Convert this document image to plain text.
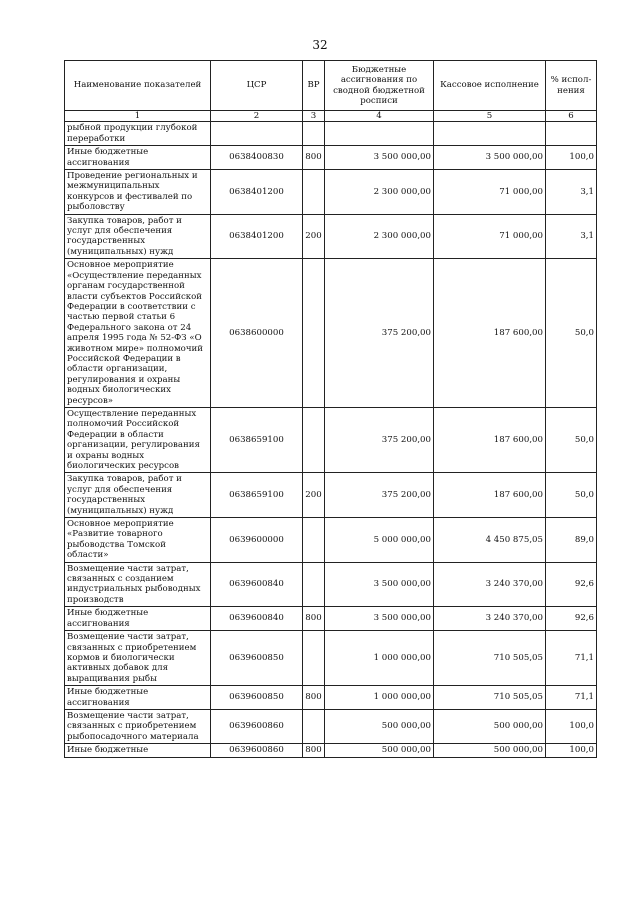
32
Наименование показателей	ЦСР	ВР	Бюджетные ассигнования по сводной бюджетной росписи	Кассовое исполнение	% испол-нения
1	2	3	4	5	6
рыбной продукции глубокой переработки					
Иные бюджетные ассигнования	0638400830	800	3 500 000,00	3 500 000,00	100,0
Проведение региональных и межмуниципальных конкурсов и фестивалей по рыболовству	0638401200		2 300 000,00	71 000,00	3,1
Закупка товаров, работ и услуг для обеспечения государственных (муниципальных) нужд	0638401200	200	2 300 000,00	71 000,00	3,1
Основное мероприятие «Осуществление переданных органам государственной власти субъектов Российской Федерации в соответствии с частью первой статьи 6 Федерального закона от 24 апреля 1995 года № 52-ФЗ «О животном мире» полномочий Российской Федерации в области организации, регулирования и охраны водных биологических ресурсов»	0638600000		375 200,00	187 600,00	50,0
Осуществление переданных полномочий Российской Федерации в области организации, регулирования и охраны водных биологических ресурсов	0638659100		375 200,00	187 600,00	50,0
Закупка товаров, работ и услуг для обеспечения государственных (муниципальных) нужд	0638659100	200	375 200,00	187 600,00	50,0
Основное мероприятие «Развитие товарного рыбоводства Томской области»	0639600000		5 000 000,00	4 450 875,05	89,0
Возмещение части затрат, связанных с созданием индустриальных рыбоводных производств	0639600840		3 500 000,00	3 240 370,00	92,6
Иные бюджетные ассигнования	0639600840	800	3 500 000,00	3 240 370,00	92,6
Возмещение части затрат, связанных с приобретением кормов и биологически активных добавок для выращивания рыбы	0639600850		1 000 000,00	710 505,05	71,1
Иные бюджетные ассигнования	0639600850	800	1 000 000,00	710 505,05	71,1
Возмещение части затрат, связанных с приобретением рыбопосадочного материала	0639600860		500 000,00	500 000,00	100,0
Иные бюджетные	0639600860	800	500 000,00	500 000,00	100,0
